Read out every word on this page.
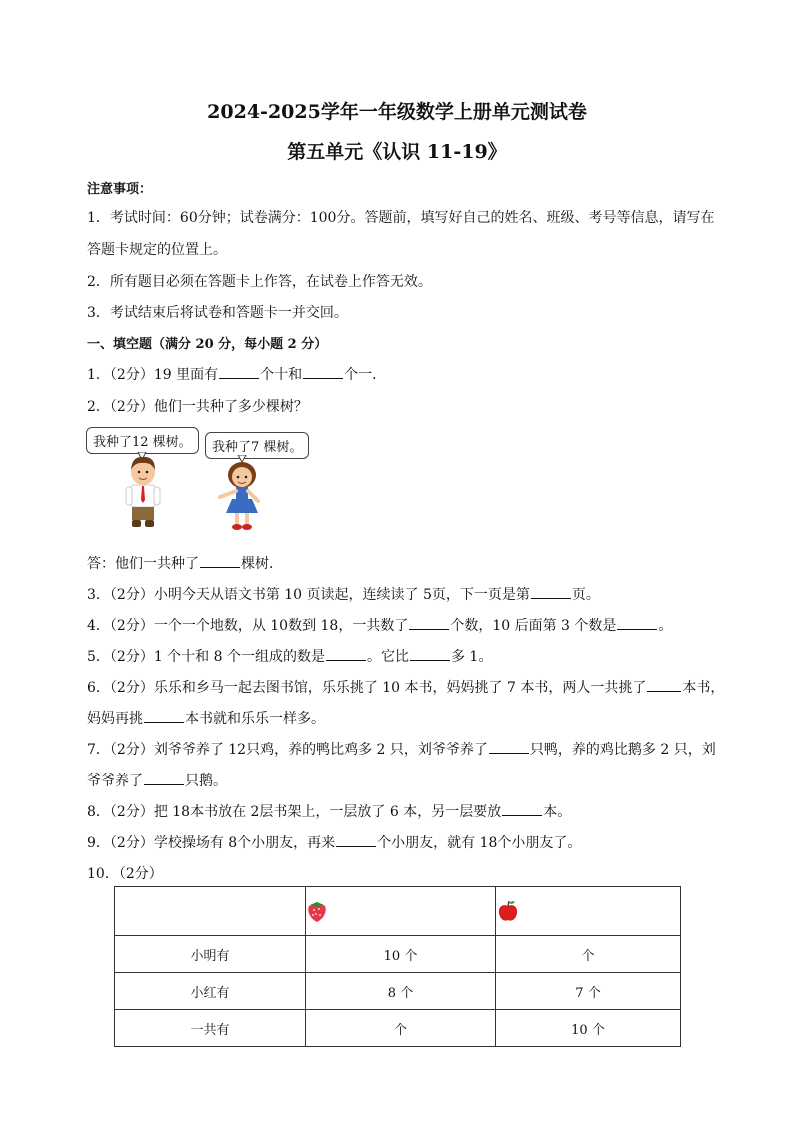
2024-2025学年一年级数学上册单元测试卷
第五单元《认识 11-19》
注意事项：
1．考试时间：60分钟；试卷满分：100分。答题前，填写好自己的姓名、班级、考号等信息，请写在
答题卡规定的位置上。
2．所有题目必须在答题卡上作答，在试卷上作答无效。
3．考试结束后将试卷和答题卡一并交回。
一、填空题（满分 20 分，每小题 2 分）
1．（2分）19 里面有	个十和	个一．
2．（2分）他们一共种了多少棵树？
我种了12 棵树。	我种了7 棵树。
答：他们一共种了	棵树．
3．（2分）小明今天从语文书第 10 页读起，连续读了 5页，下一页是第	页。
4．（2分）一个一个地数，从 10数到 18，一共数了	个数，10 后面第 3 个数是	。
5．（2分）1 个十和 8 个一组成的数是	。它比	多 1。
6．（2分）乐乐和乡马一起去图书馆，乐乐挑了 10 本书，妈妈挑了 7 本书，两人一共挑了	本书，
妈妈再挑	本书就和乐乐一样多。
7．（2分）刘爷爷养了 12只鸡，养的鸭比鸡多 2 只，刘爷爷养了	只鸭，养的鸡比鹅多 2 只，刘
爷爷养了	只鹅。
8．（2分）把 18本书放在 2层书架上，一层放了 6 本，另一层要放	本。
9．（2分）学校操场有 8个小朋友，再来	个小朋友，就有 18个小朋友了。
10．（2分）

小明有	10 个	个
小红有	8 个	7 个
一共有	个	10 个
